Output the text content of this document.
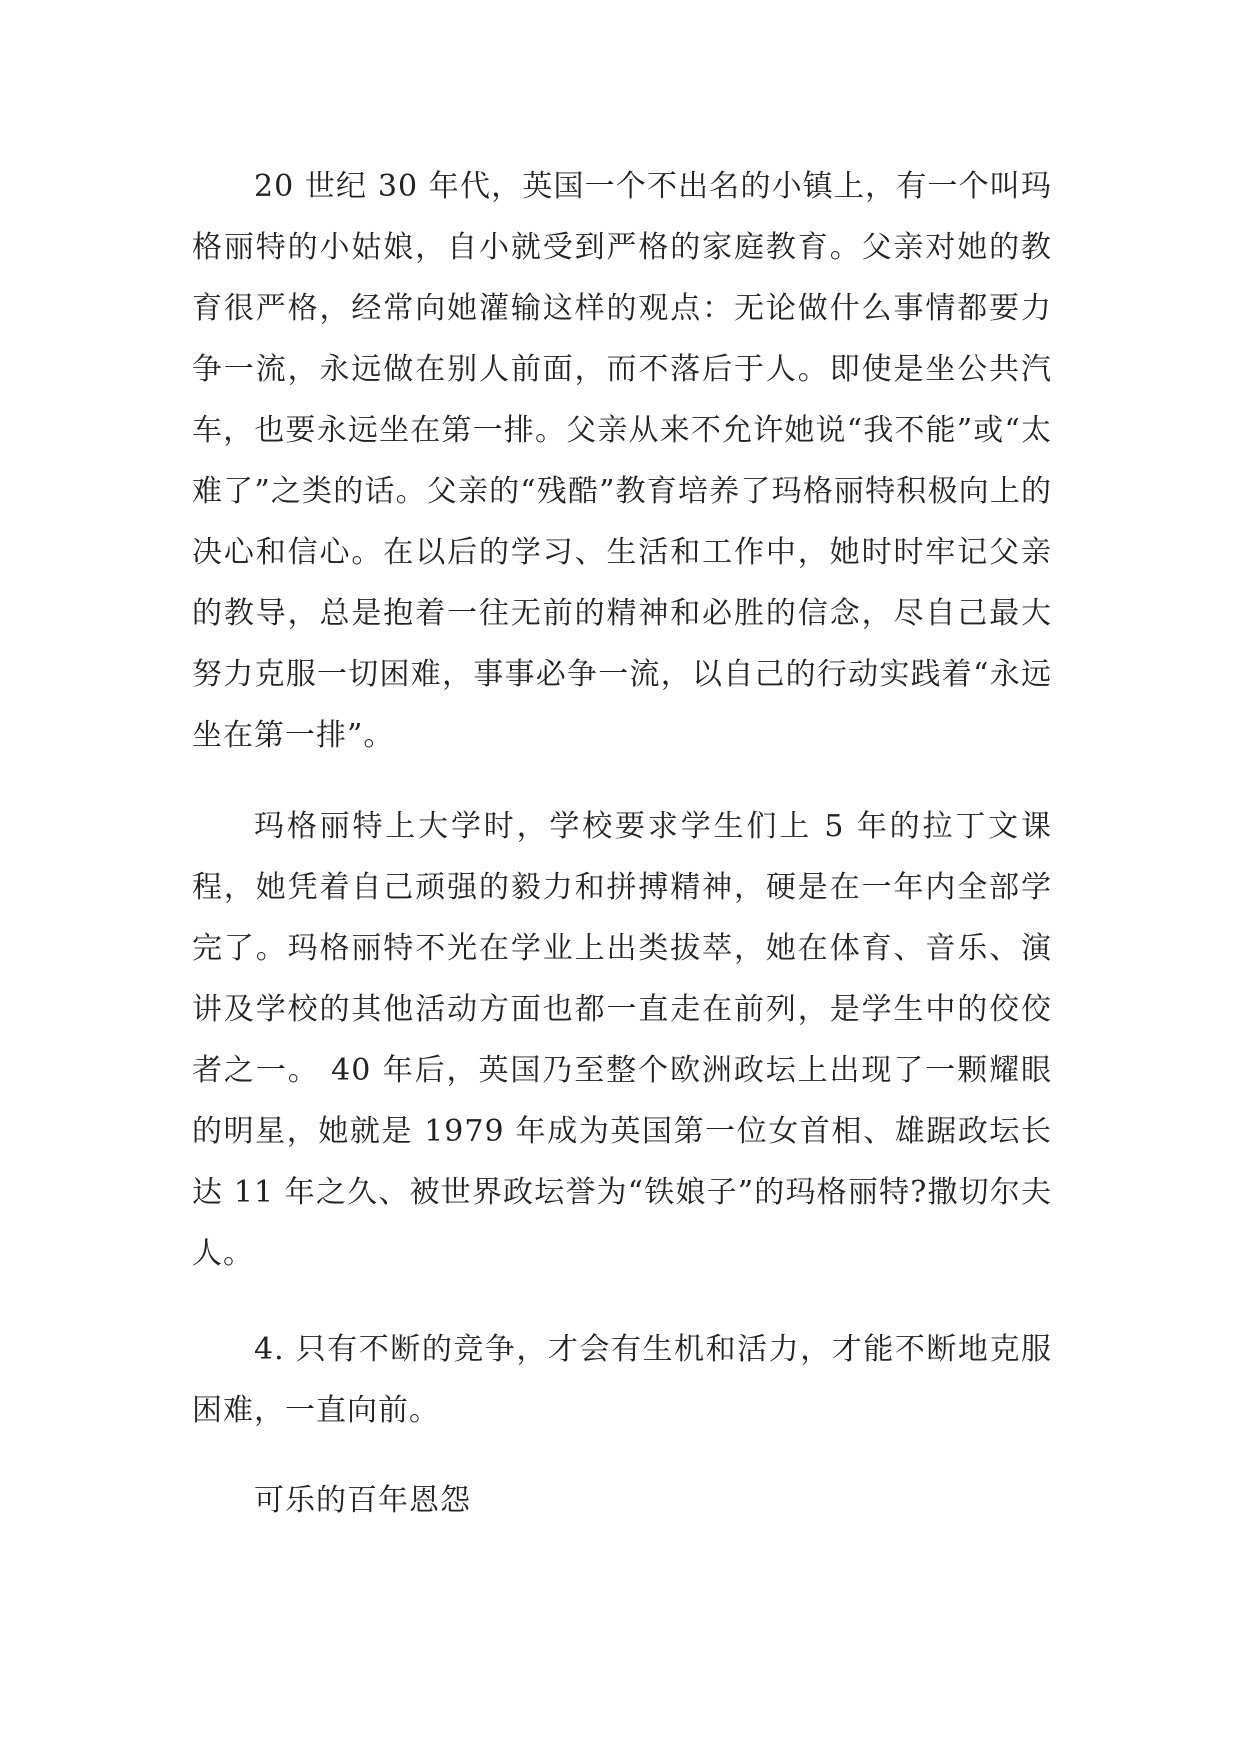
20 世纪 30 年代，英国一个不出名的小镇上，有一个叫玛格丽特的小姑娘，自小就受到严格的家庭教育。父亲对她的教育很严格，经常向她灌输这样的观点：无论做什么事情都要力争一流，永远做在别人前面，而不落后于人。即使是坐公共汽车，也要永远坐在第一排。父亲从来不允许她说“我不能”或“太难了”之类的话。父亲的“残酷”教育培养了玛格丽特积极向上的决心和信心。在以后的学习、生活和工作中，她时时牢记父亲的教导，总是抱着一往无前的精神和必胜的信念，尽自己最大努力克服一切困难，事事必争一流，以自己的行动实践着“永远坐在第一排”。

玛格丽特上大学时，学校要求学生们上 5 年的拉丁文课程，她凭着自己顽强的毅力和拼搏精神，硬是在一年内全部学完了。玛格丽特不光在学业上出类拔萃，她在体育、音乐、演讲及学校的其他活动方面也都一直走在前列，是学生中的佼佼者之一。 40 年后，英国乃至整个欧洲政坛上出现了一颗耀眼的明星，她就是 1979 年成为英国第一位女首相、雄踞政坛长达 11 年之久、被世界政坛誉为“铁娘子”的玛格丽特?撒切尔夫人。

4. 只有不断的竞争，才会有生机和活力，才能不断地克服困难，一直向前。

可乐的百年恩怨
